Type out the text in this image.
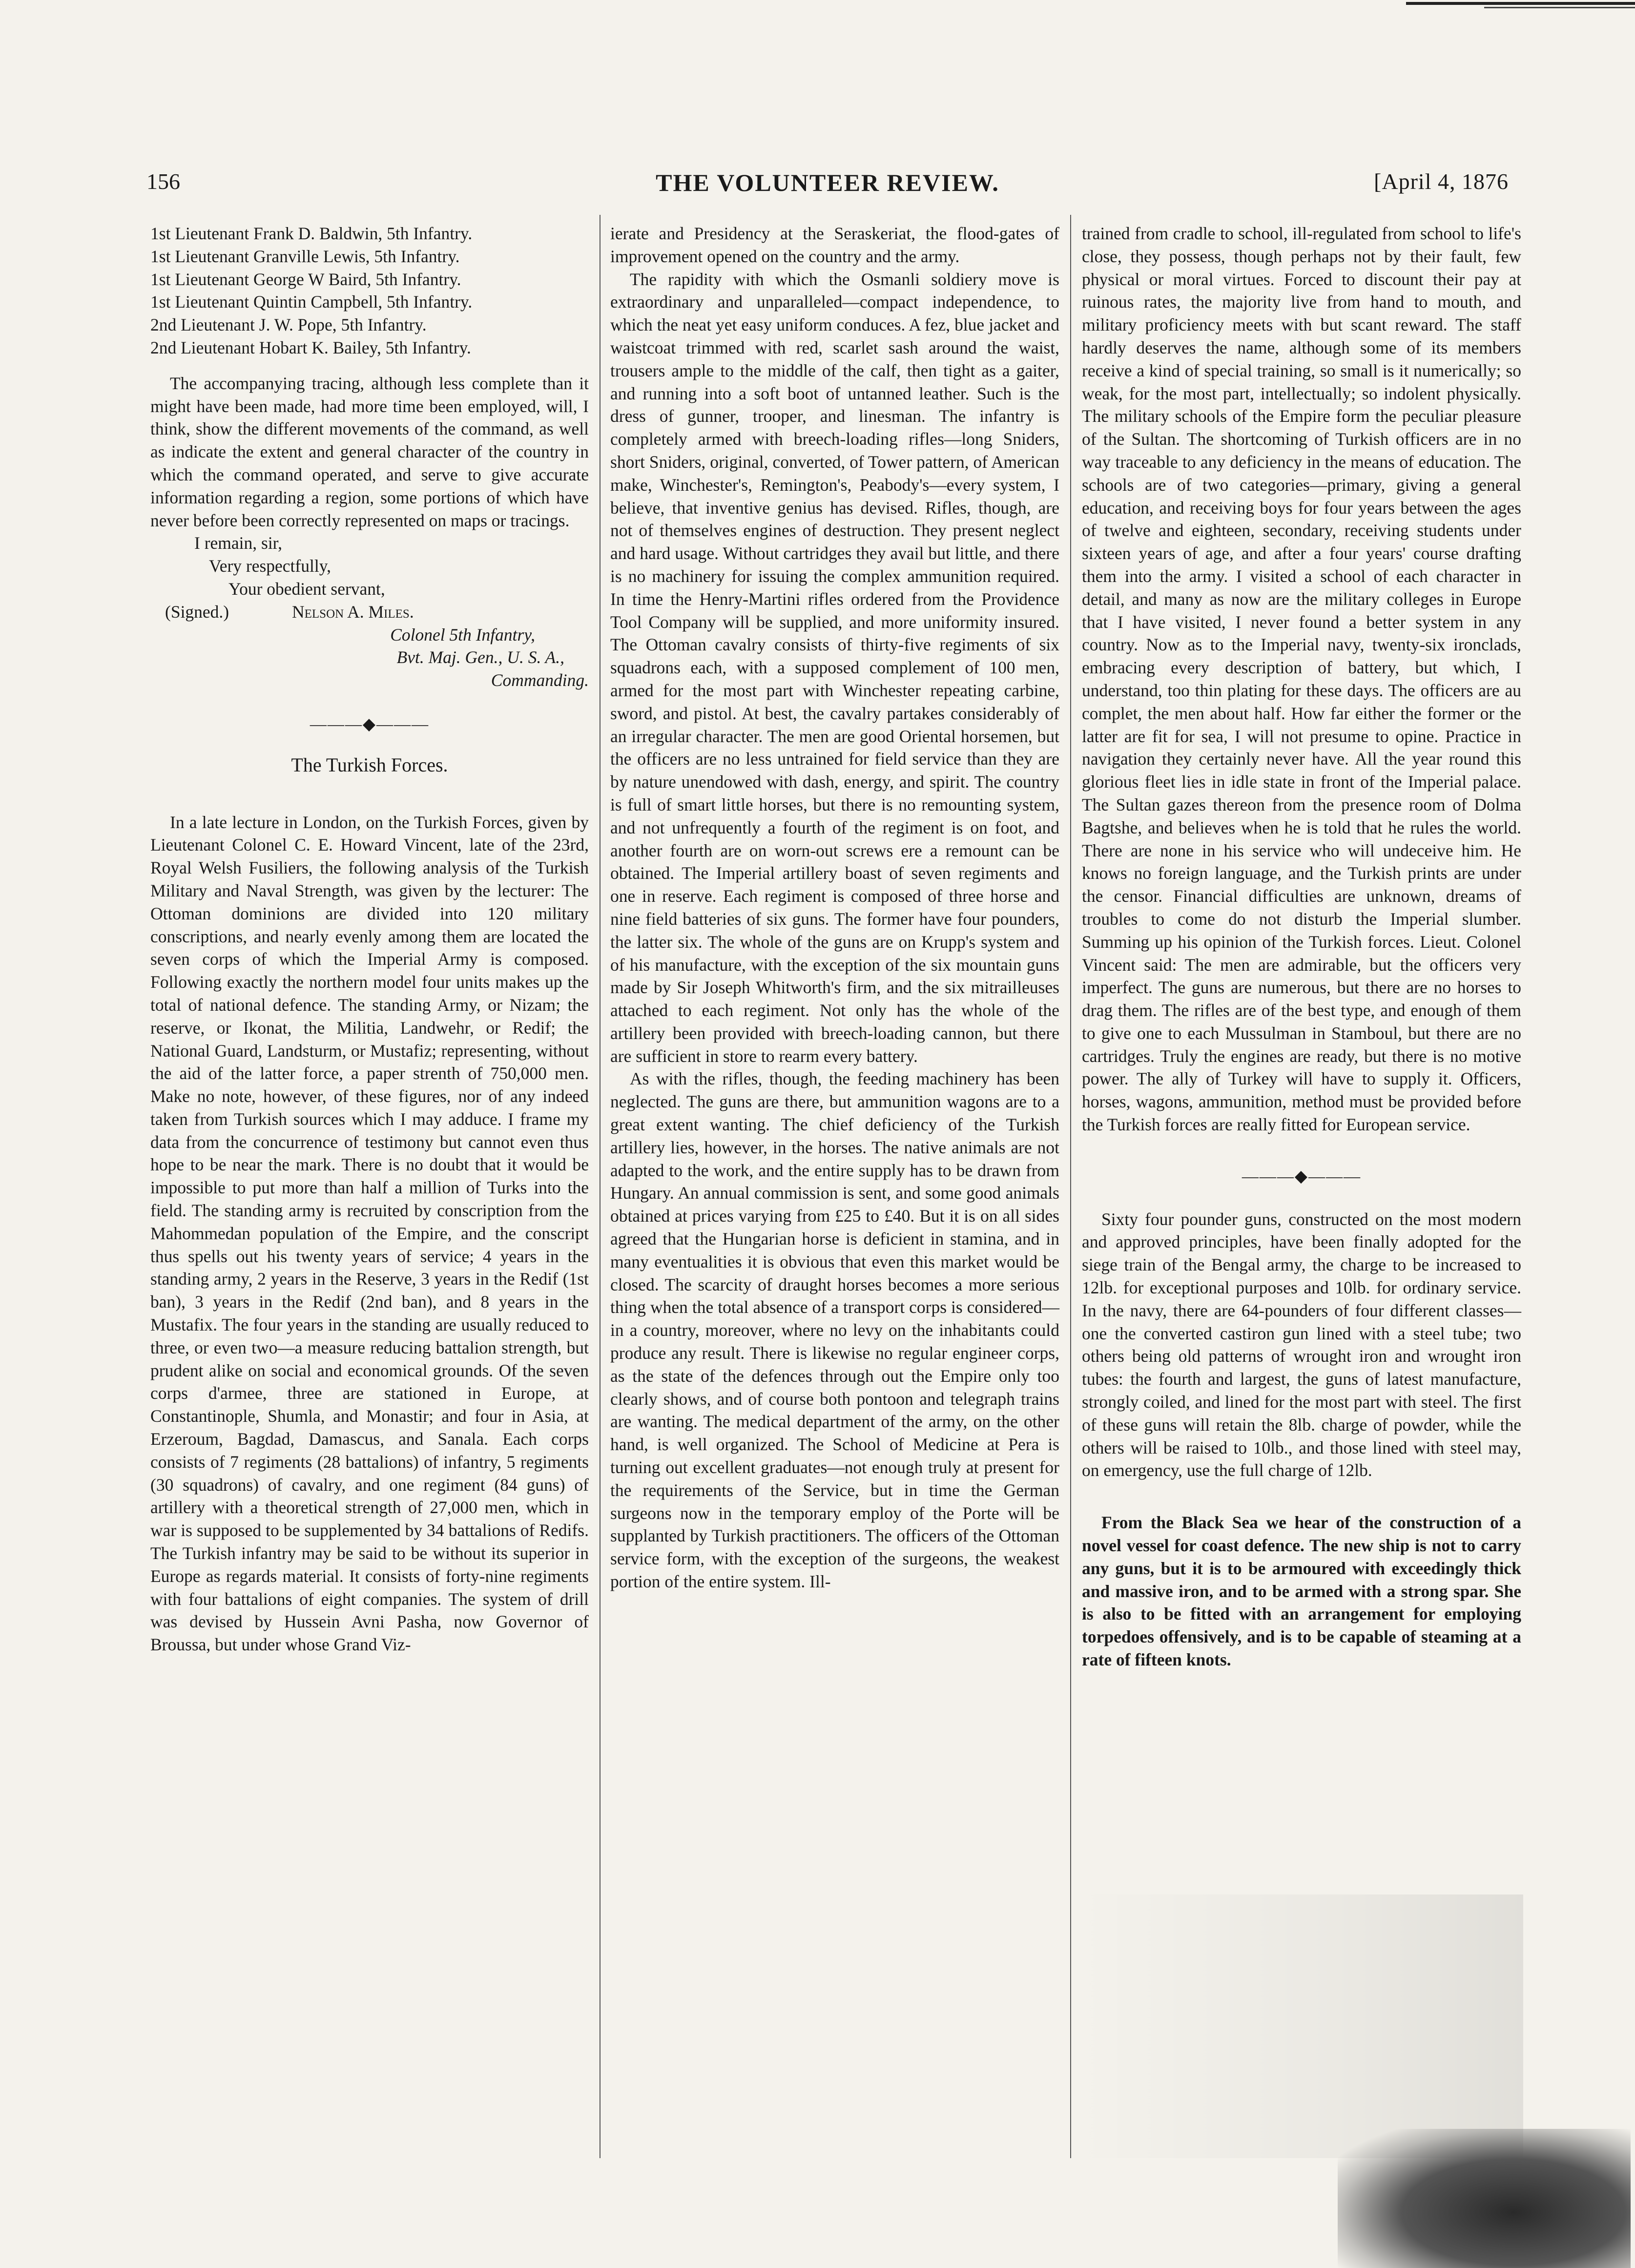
156	THE VOLUNTEER REVIEW.	[April 4, 1876

1st Lieutenant Frank D. Baldwin, 5th Infantry.

1st Lieutenant Granville Lewis, 5th Infantry.

1st Lieutenant George W Baird, 5th Infantry.

1st Lieutenant Quintin Campbell, 5th Infantry.

2nd Lieutenant J. W. Pope, 5th Infantry.

2nd Lieutenant Hobart K. Bailey, 5th Infantry.

The accompanying tracing, although less complete than it might have been made, had more time been employed, will, I think, show the different movements of the command, as well as indicate the extent and general character of the country in which the command operated, and serve to give accurate information regarding a region, some portions of which have never before been correctly represented on maps or tracings.

I remain, sir,

Very respectfully,

Your obedient servant,

(Signed.)	Nelson A. Miles.

Colonel 5th Infantry,

Bvt. Maj. Gen., U. S. A.,

Commanding.

———◆———
The Turkish Forces.

In a late lecture in London, on the Turkish Forces, given by Lieutenant Colonel C. E. Howard Vincent, late of the 23rd, Royal Welsh Fusiliers, the following analysis of the Turkish Military and Naval Strength, was given by the lecturer: The Ottoman dominions are divided into 120 military conscriptions, and nearly evenly among them are located the seven corps of which the Imperial Army is composed. Following exactly the northern model four units makes up the total of national defence. The standing Army, or Nizam; the reserve, or Ikonat, the Militia, Landwehr, or Redif; the National Guard, Landsturm, or Mustafiz; representing, without the aid of the latter force, a paper strenth of 750,000 men. Make no note, however, of these figures, nor of any indeed taken from Turkish sources which I may adduce. I frame my data from the concurrence of testimony but cannot even thus hope to be near the mark. There is no doubt that it would be impossible to put more than half a million of Turks into the field. The standing army is recruited by conscription from the Mahommedan population of the Empire, and the conscript thus spells out his twenty years of service; 4 years in the standing army, 2 years in the Reserve, 3 years in the Redif (1st ban), 3 years in the Redif (2nd ban), and 8 years in the Mustafix. The four years in the standing are usually reduced to three, or even two—a measure reducing battalion strength, but prudent alike on social and economical grounds. Of the seven corps d'armee, three are stationed in Europe, at Constantinople, Shumla, and Monastir; and four in Asia, at Erzeroum, Bagdad, Damascus, and Sanala. Each corps consists of 7 regiments (28 battalions) of infantry, 5 regiments (30 squadrons) of cavalry, and one regiment (84 guns) of artillery with a theoretical strength of 27,000 men, which in war is supposed to be supplemented by 34 battalions of Redifs. The Turkish infantry may be said to be without its superior in Europe as regards material. It consists of forty-nine regiments with four battalions of eight companies. The system of drill was devised by Hussein Avni Pasha, now Governor of Broussa, but under whose Grand Viz-

ierate and Presidency at the Seraskeriat, the flood-gates of improvement opened on the country and the army.

The rapidity with which the Osmanli soldiery move is extraordinary and unparalleled—compact independence, to which the neat yet easy uniform conduces. A fez, blue jacket and waistcoat trimmed with red, scarlet sash around the waist, trousers ample to the middle of the calf, then tight as a gaiter, and running into a soft boot of untanned leather. Such is the dress of gunner, trooper, and linesman. The infantry is completely armed with breech-loading rifles—long Sniders, short Sniders, original, converted, of Tower pattern, of American make, Winchester's, Remington's, Peabody's—every system, I believe, that inventive genius has devised. Rifles, though, are not of themselves engines of destruction. They present neglect and hard usage. Without cartridges they avail but little, and there is no machinery for issuing the complex ammunition required. In time the Henry-Martini rifles ordered from the Providence Tool Company will be supplied, and more uniformity insured. The Ottoman cavalry consists of thirty-five regiments of six squadrons each, with a supposed complement of 100 men, armed for the most part with Winchester repeating carbine, sword, and pistol. At best, the cavalry partakes considerably of an irregular character. The men are good Oriental horsemen, but the officers are no less untrained for field service than they are by nature unendowed with dash, energy, and spirit. The country is full of smart little horses, but there is no remounting system, and not unfrequently a fourth of the regiment is on foot, and another fourth are on worn-out screws ere a remount can be obtained. The Imperial artillery boast of seven regiments and one in reserve. Each regiment is composed of three horse and nine field batteries of six guns. The former have four pounders, the latter six. The whole of the guns are on Krupp's system and of his manufacture, with the exception of the six mountain guns made by Sir Joseph Whitworth's firm, and the six mitrailleuses attached to each regiment. Not only has the whole of the artillery been provided with breech-loading cannon, but there are sufficient in store to rearm every battery.

As with the rifles, though, the feeding machinery has been neglected. The guns are there, but ammunition wagons are to a great extent wanting. The chief deficiency of the Turkish artillery lies, however, in the horses. The native animals are not adapted to the work, and the entire supply has to be drawn from Hungary. An annual commission is sent, and some good animals obtained at prices varying from £25 to £40. But it is on all sides agreed that the Hungarian horse is deficient in stamina, and in many eventualities it is obvious that even this market would be closed. The scarcity of draught horses becomes a more serious thing when the total absence of a transport corps is considered—in a country, moreover, where no levy on the inhabitants could produce any result. There is likewise no regular engineer corps, as the state of the defences through out the Empire only too clearly shows, and of course both pontoon and telegraph trains are wanting. The medical department of the army, on the other hand, is well organized. The School of Medicine at Pera is turning out excellent graduates—not enough truly at present for the requirements of the Service, but in time the German surgeons now in the temporary employ of the Porte will be supplanted by Turkish practitioners. The officers of the Ottoman service form, with the exception of the surgeons, the weakest portion of the entire system. Ill-

trained from cradle to school, ill-regulated from school to life's close, they possess, though perhaps not by their fault, few physical or moral virtues. Forced to discount their pay at ruinous rates, the majority live from hand to mouth, and military proficiency meets with but scant reward. The staff hardly deserves the name, although some of its members receive a kind of special training, so small is it numerically; so weak, for the most part, intellectually; so indolent physically. The military schools of the Empire form the peculiar pleasure of the Sultan. The shortcoming of Turkish officers are in no way traceable to any deficiency in the means of education. The schools are of two categories—primary, giving a general education, and receiving boys for four years between the ages of twelve and eighteen, secondary, receiving students under sixteen years of age, and after a four years' course drafting them into the army. I visited a school of each character in detail, and many as now are the military colleges in Europe that I have visited, I never found a better system in any country. Now as to the Imperial navy, twenty-six ironclads, embracing every description of battery, but which, I understand, too thin plating for these days. The officers are au complet, the men about half. How far either the former or the latter are fit for sea, I will not presume to opine. Practice in navigation they certainly never have. All the year round this glorious fleet lies in idle state in front of the Imperial palace. The Sultan gazes thereon from the presence room of Dolma Bagtshe, and believes when he is told that he rules the world. There are none in his service who will undeceive him. He knows no foreign language, and the Turkish prints are under the censor. Financial difficulties are unknown, dreams of troubles to come do not disturb the Imperial slumber. Summing up his opinion of the Turkish forces. Lieut. Colonel Vincent said: The men are admirable, but the officers very imperfect. The guns are numerous, but there are no horses to drag them. The rifles are of the best type, and enough of them to give one to each Mussulman in Stamboul, but there are no cartridges. Truly the engines are ready, but there is no motive power. The ally of Turkey will have to supply it. Officers, horses, wagons, ammunition, method must be provided before the Turkish forces are really fitted for European service.

———◆———

Sixty four pounder guns, constructed on the most modern and approved principles, have been finally adopted for the siege train of the Bengal army, the charge to be increased to 12lb. for exceptional purposes and 10lb. for ordinary service. In the navy, there are 64-pounders of four different classes—one the converted castiron gun lined with a steel tube; two others being old patterns of wrought iron and wrought iron tubes: the fourth and largest, the guns of latest manufacture, strongly coiled, and lined for the most part with steel. The first of these guns will retain the 8lb. charge of powder, while the others will be raised to 10lb., and those lined with steel may, on emergency, use the full charge of 12lb.

From the Black Sea we hear of the construction of a novel vessel for coast defence. The new ship is not to carry any guns, but it is to be armoured with exceedingly thick and massive iron, and to be armed with a strong spar. She is also to be fitted with an arrangement for employing torpedoes offensively, and is to be capable of steaming at a rate of fifteen knots.
